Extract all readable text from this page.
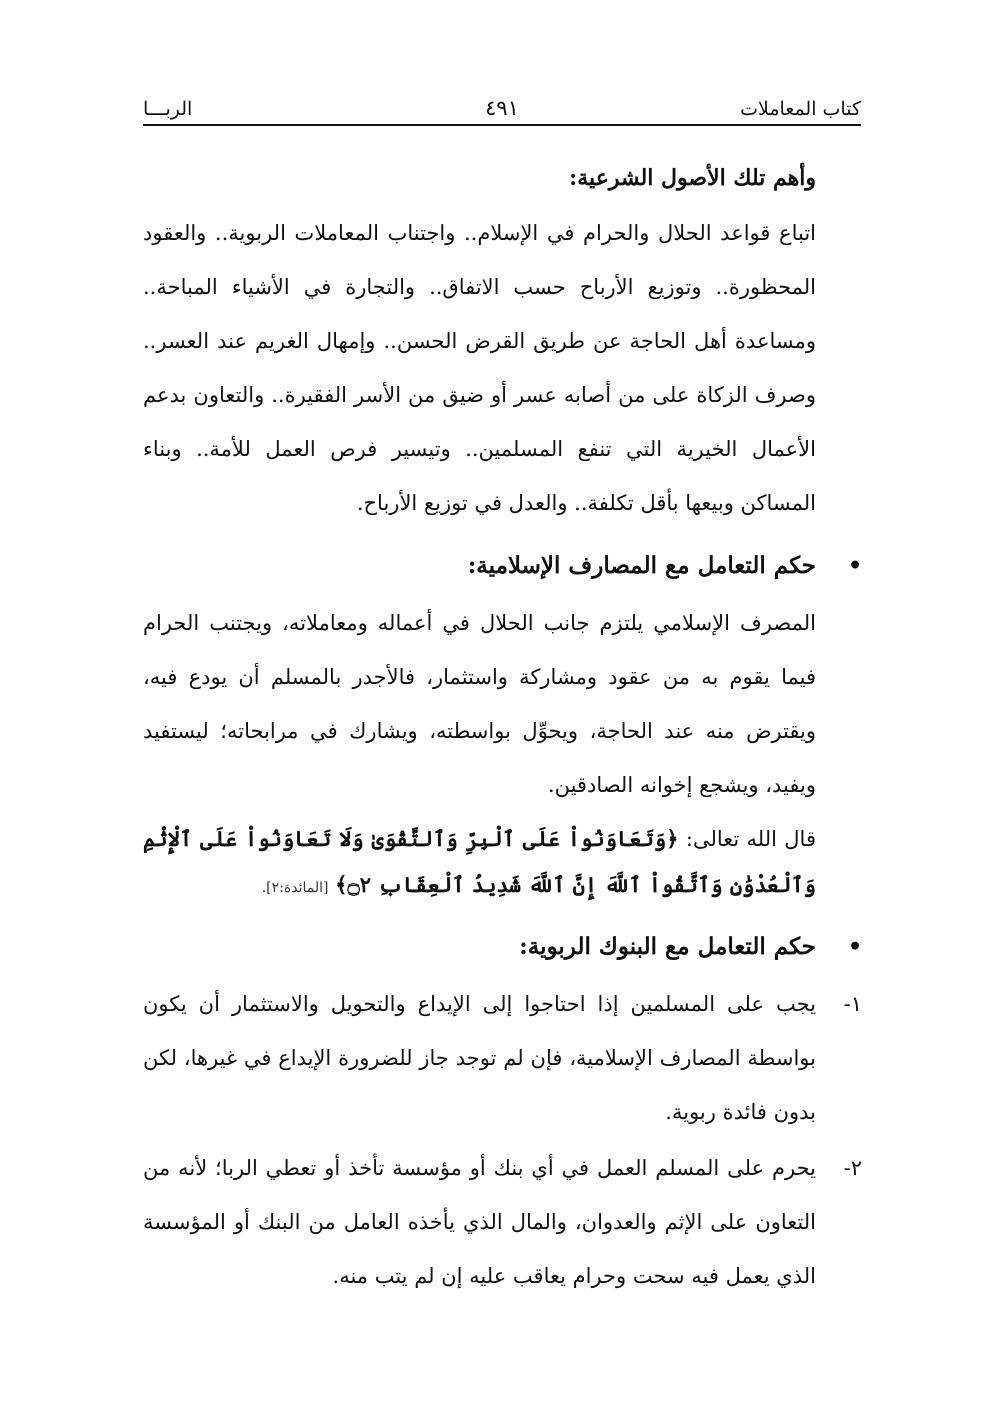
كتاب المعاملات
٤٩١
الربـــا

وأهم تلك الأصول الشرعية:

اتباع قواعد الحلال والحرام في الإسلام.. واجتناب المعاملات الربوية.. والعقود المحظورة.. وتوزيع الأرباح حسب الاتفاق.. والتجارة في الأشياء المباحة.. ومساعدة أهل الحاجة عن طريق القرض الحسن.. وإمهال الغريم عند العسر.. وصرف الزكاة على من أصابه عسر أو ضيق من الأسر الفقيرة.. والتعاون بدعم الأعمال الخيرية التي تنفع المسلمين.. وتيسير فرص العمل للأمة.. وبناء المساكن وبيعها بأقل تكلفة.. والعدل في توزيع الأرباح.

•
حكم التعامل مع المصارف الإسلامية:

المصرف الإسلامي يلتزم جانب الحلال في أعماله ومعاملاته، ويجتنب الحرام فيما يقوم به من عقود ومشاركة واستثمار، فالأجدر بالمسلم أن يودع فيه، ويقترض منه عند الحاجة، ويحوِّل بواسطته، ويشارك في مرابحاته؛ ليستفيد ويفيد، ويشجع إخوانه الصادقين.

قال الله تعالى: ﴿وَتَعَاوَنُواْ عَلَى ٱلْبِرِّ وَٱلتَّقْوَىٰ وَلَا تَعَاوَنُواْ عَلَى ٱلْإِثْمِ وَٱلْعُدْوَٰنِ وَٱتَّقُواْ ٱللَّهَ إِنَّ ٱللَّهَ شَدِيدُ ٱلْعِقَابِ ۝٢﴾ [المائدة:٢].

•
حكم التعامل مع البنوك الربوية:

١-
يجب على المسلمين إذا احتاجوا إلى الإيداع والتحويل والاستثمار أن يكون بواسطة المصارف الإسلامية، فإن لم توجد جاز للضرورة الإيداع في غيرها، لكن بدون فائدة ربوية.

٢-
يحرم على المسلم العمل في أي بنك أو مؤسسة تأخذ أو تعطي الربا؛ لأنه من التعاون على الإثم والعدوان، والمال الذي يأخذه العامل من البنك أو المؤسسة الذي يعمل فيه سحت وحرام يعاقب عليه إن لم يتب منه.
